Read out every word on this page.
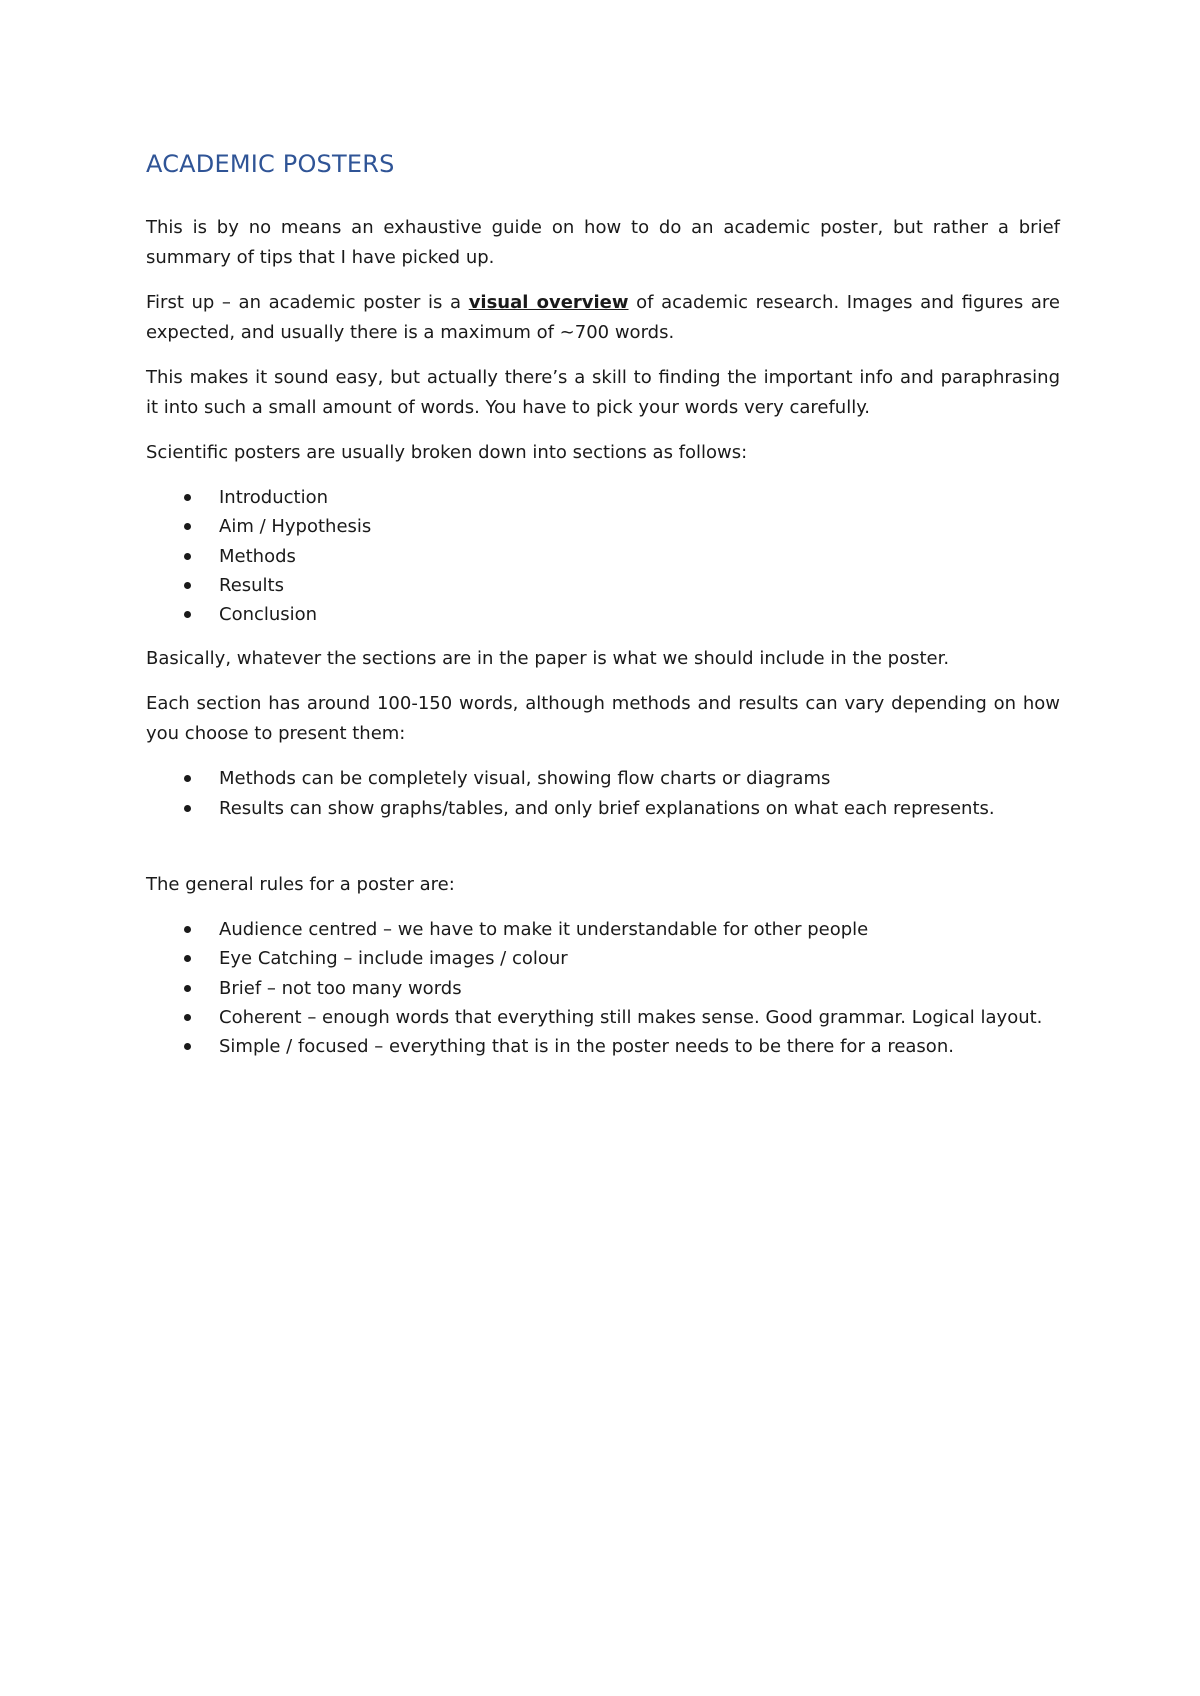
ACADEMIC POSTERS

This is by no means an exhaustive guide on how to do an academic poster, but rather a brief summary of tips that I have picked up.

First up – an academic poster is a visual overview of academic research. Images and figures are expected, and usually there is a maximum of ~700 words.

This makes it sound easy, but actually there’s a skill to finding the important info and paraphrasing it into such a small amount of words. You have to pick your words very carefully.

Scientific posters are usually broken down into sections as follows:

Introduction
Aim / Hypothesis
Methods
Results
Conclusion

Basically, whatever the sections are in the paper is what we should include in the poster.

Each section has around 100-150 words, although methods and results can vary depending on how you choose to present them:

Methods can be completely visual, showing flow charts or diagrams
Results can show graphs/tables, and only brief explanations on what each represents.

The general rules for a poster are:

Audience centred – we have to make it understandable for other people
Eye Catching – include images / colour
Brief – not too many words
Coherent – enough words that everything still makes sense. Good grammar. Logical layout.
Simple / focused – everything that is in the poster needs to be there for a reason.
